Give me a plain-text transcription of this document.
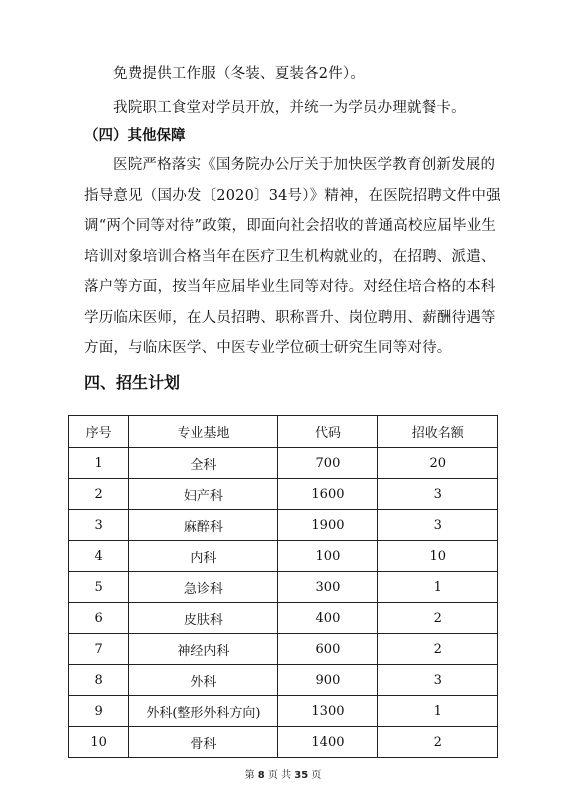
免费提供工作服（冬装、夏装各2件）。

我院职工食堂对学员开放，并统一为学员办理就餐卡。

（四）其他保障

医院严格落实《国务院办公厅关于加快医学教育创新发展的指导意见（国办发〔2020〕34号）》精神，在医院招聘文件中强调“两个同等对待”政策，即面向社会招收的普通高校应届毕业生培训对象培训合格当年在医疗卫生机构就业的，在招聘、派遣、落户等方面，按当年应届毕业生同等对待。对经住培合格的本科学历临床医师，在人员招聘、职称晋升、岗位聘用、薪酬待遇等方面，与临床医学、中医专业学位硕士研究生同等对待。

四、招生计划
序号	专业基地	代码	招收名额
1	全科	700	20
2	妇产科	1600	3
3	麻醉科	1900	3
4	内科	100	10
5	急诊科	300	1
6	皮肤科	400	2
7	神经内科	600	2
8	外科	900	3
9	外科(整形外科方向)	1300	1
10	骨科	1400	2
第 8 页 共 35 页
